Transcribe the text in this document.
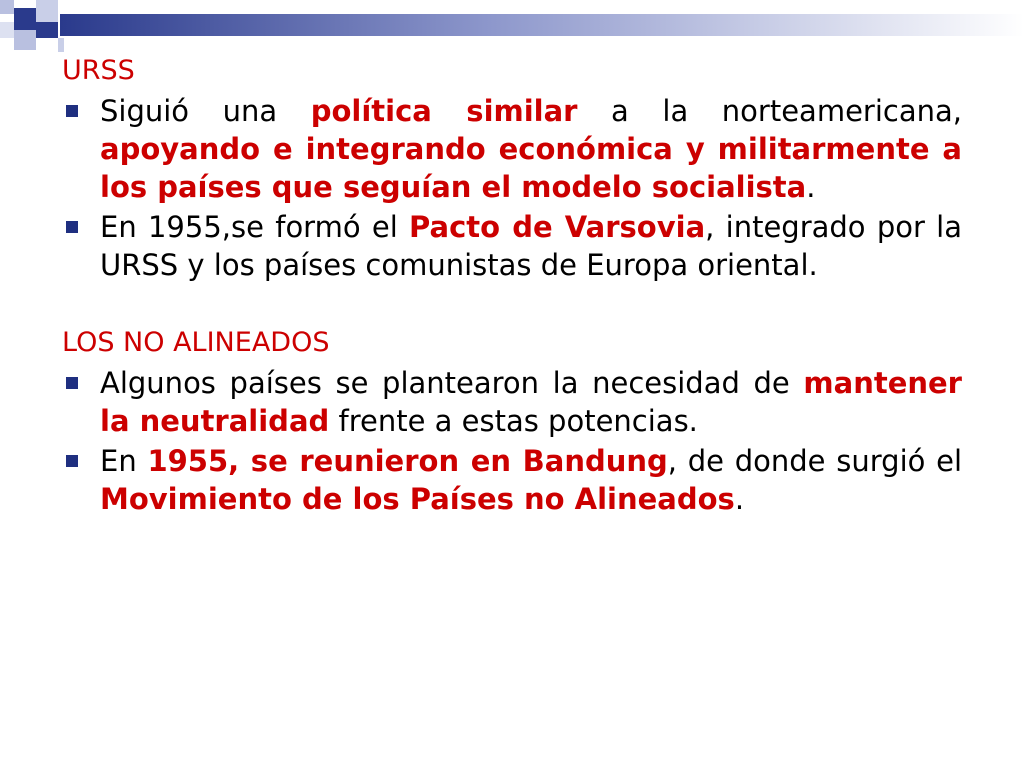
URSS
Siguió una política similar a la norteamericana, apoyando e integrando económica y militarmente a los países que seguían el modelo socialista.
En 1955,se formó el Pacto de Varsovia, integrado por la URSS y los países comunistas de Europa oriental.
LOS NO ALINEADOS
Algunos países se plantearon la necesidad de mantener la neutralidad frente a estas potencias.
En 1955, se reunieron en Bandung, de donde surgió el Movimiento de los Países no Alineados.
